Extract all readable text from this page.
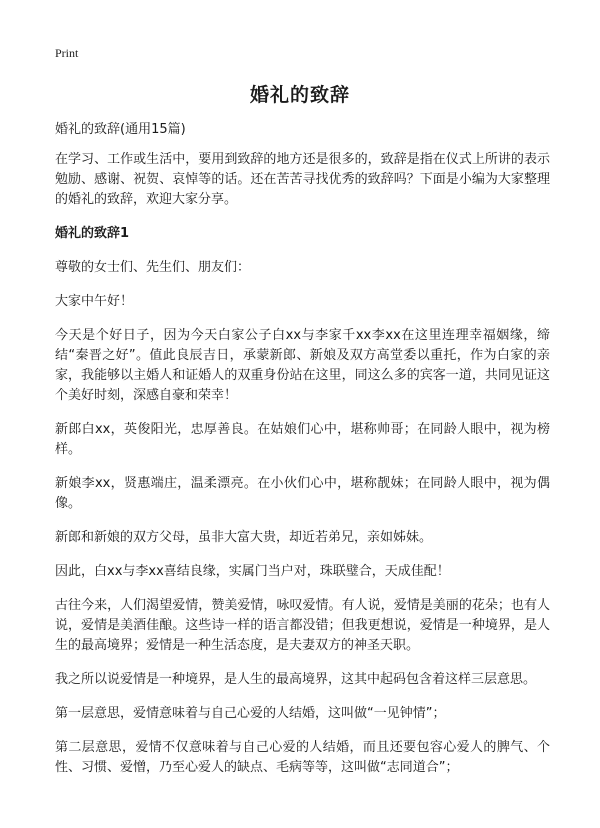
Print
婚礼的致辞

婚礼的致辞(通用15篇)

在学习、工作或生活中，要用到致辞的地方还是很多的，致辞是指在仪式上所讲的表示勉励、感谢、祝贺、哀悼等的话。还在苦苦寻找优秀的致辞吗？下面是小编为大家整理的婚礼的致辞，欢迎大家分享。

婚礼的致辞1

尊敬的女士们、先生们、朋友们：

大家中午好！

今天是个好日子，因为今天白家公子白xx与李家千xx李xx在这里连理幸福姻缘，缔结“秦晋之好”。值此良辰吉日，承蒙新郎、新娘及双方高堂委以重托，作为白家的亲家，我能够以主婚人和证婚人的双重身份站在这里，同这么多的宾客一道，共同见证这个美好时刻，深感自豪和荣幸！

新郎白xx，英俊阳光，忠厚善良。在姑娘们心中，堪称帅哥；在同龄人眼中，视为榜样。

新娘李xx，贤惠端庄，温柔漂亮。在小伙们心中，堪称靓妹；在同龄人眼中，视为偶像。

新郎和新娘的双方父母，虽非大富大贵，却近若弟兄，亲如姊妹。

因此，白xx与李xx喜结良缘，实属门当户对，珠联璧合，天成佳配！

古往今来，人们渴望爱情，赞美爱情，咏叹爱情。有人说，爱情是美丽的花朵；也有人说，爱情是美酒佳酿。这些诗一样的语言都没错；但我更想说，爱情是一种境界，是人生的最高境界；爱情是一种生活态度，是夫妻双方的神圣天职。

我之所以说爱情是一种境界，是人生的最高境界，这其中起码包含着这样三层意思。

第一层意思，爱情意味着与自己心爱的人结婚，这叫做“一见钟情”；

第二层意思，爱情不仅意味着与自己心爱的人结婚，而且还要包容心爱人的脾气、个性、习惯、爱憎，乃至心爱人的缺点、毛病等等，这叫做“志同道合”；
